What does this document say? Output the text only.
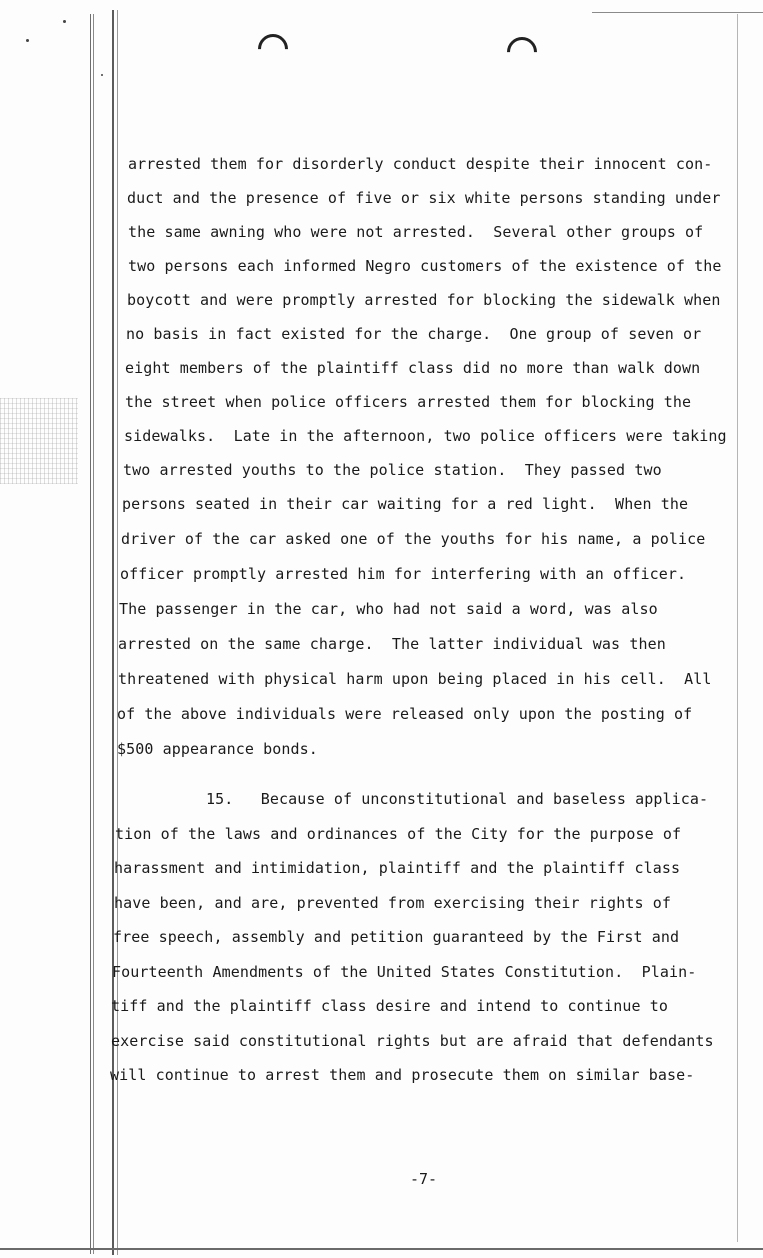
arrested them for disorderly conduct despite their innocent con-
duct and the presence of five or six white persons standing under
the same awning who were not arrested.  Several other groups of
two persons each informed Negro customers of the existence of the
boycott and were promptly arrested for blocking the sidewalk when
no basis in fact existed for the charge.  One group of seven or
eight members of the plaintiff class did no more than walk down
the street when police officers arrested them for blocking the
sidewalks.  Late in the afternoon, two police officers were taking
two arrested youths to the police station.  They passed two
persons seated in their car waiting for a red light.  When the
driver of the car asked one of the youths for his name, a police
officer promptly arrested him for interfering with an officer.
The passenger in the car, who had not said a word, was also
arrested on the same charge.  The latter individual was then
threatened with physical harm upon being placed in his cell.  All
of the above individuals were released only upon the posting of
$500 appearance bonds.
15.   Because of unconstitutional and baseless applica-
tion of the laws and ordinances of the City for the purpose of
harassment and intimidation, plaintiff and the plaintiff class
have been, and are, prevented from exercising their rights of
free speech, assembly and petition guaranteed by the First and
Fourteenth Amendments of the United States Constitution.  Plain-
tiff and the plaintiff class desire and intend to continue to
exercise said constitutional rights but are afraid that defendants
will continue to arrest them and prosecute them on similar base-
-7-
